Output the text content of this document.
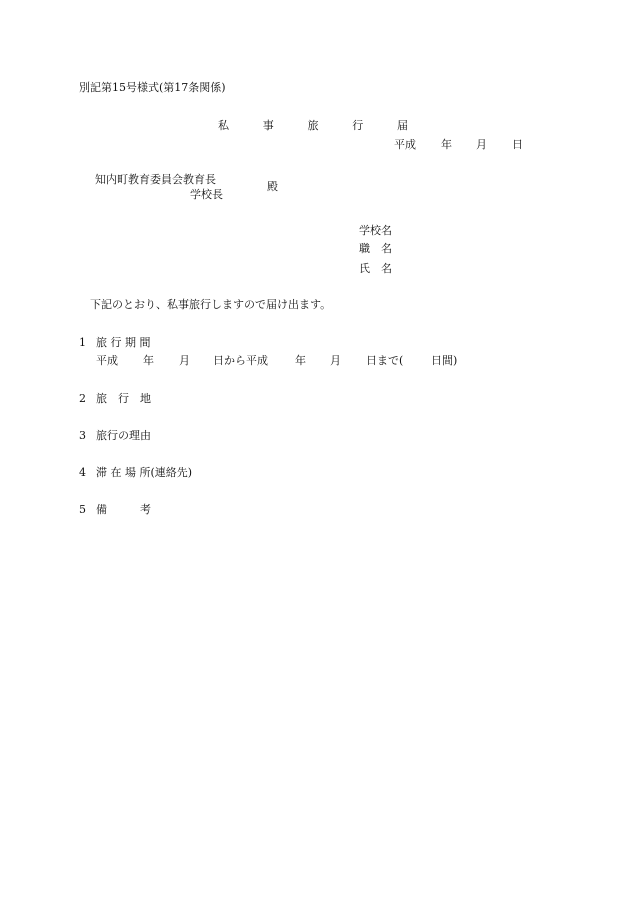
別記第15号様式(第17条関係)
私	事	旅	行	届
平成 年 月 日
知内町教育委員会教育長
学校長
殿
学校名
職　名
氏　名
下記のとおり、私事旅行しますので届け出ます。
1 旅 行 期 間
平成 年 月 日から平成 年 月 日まで(	日間)
2 旅　行　地
3 旅行の理由
4 滞 在 場 所(連絡先)
5 備　　　考
